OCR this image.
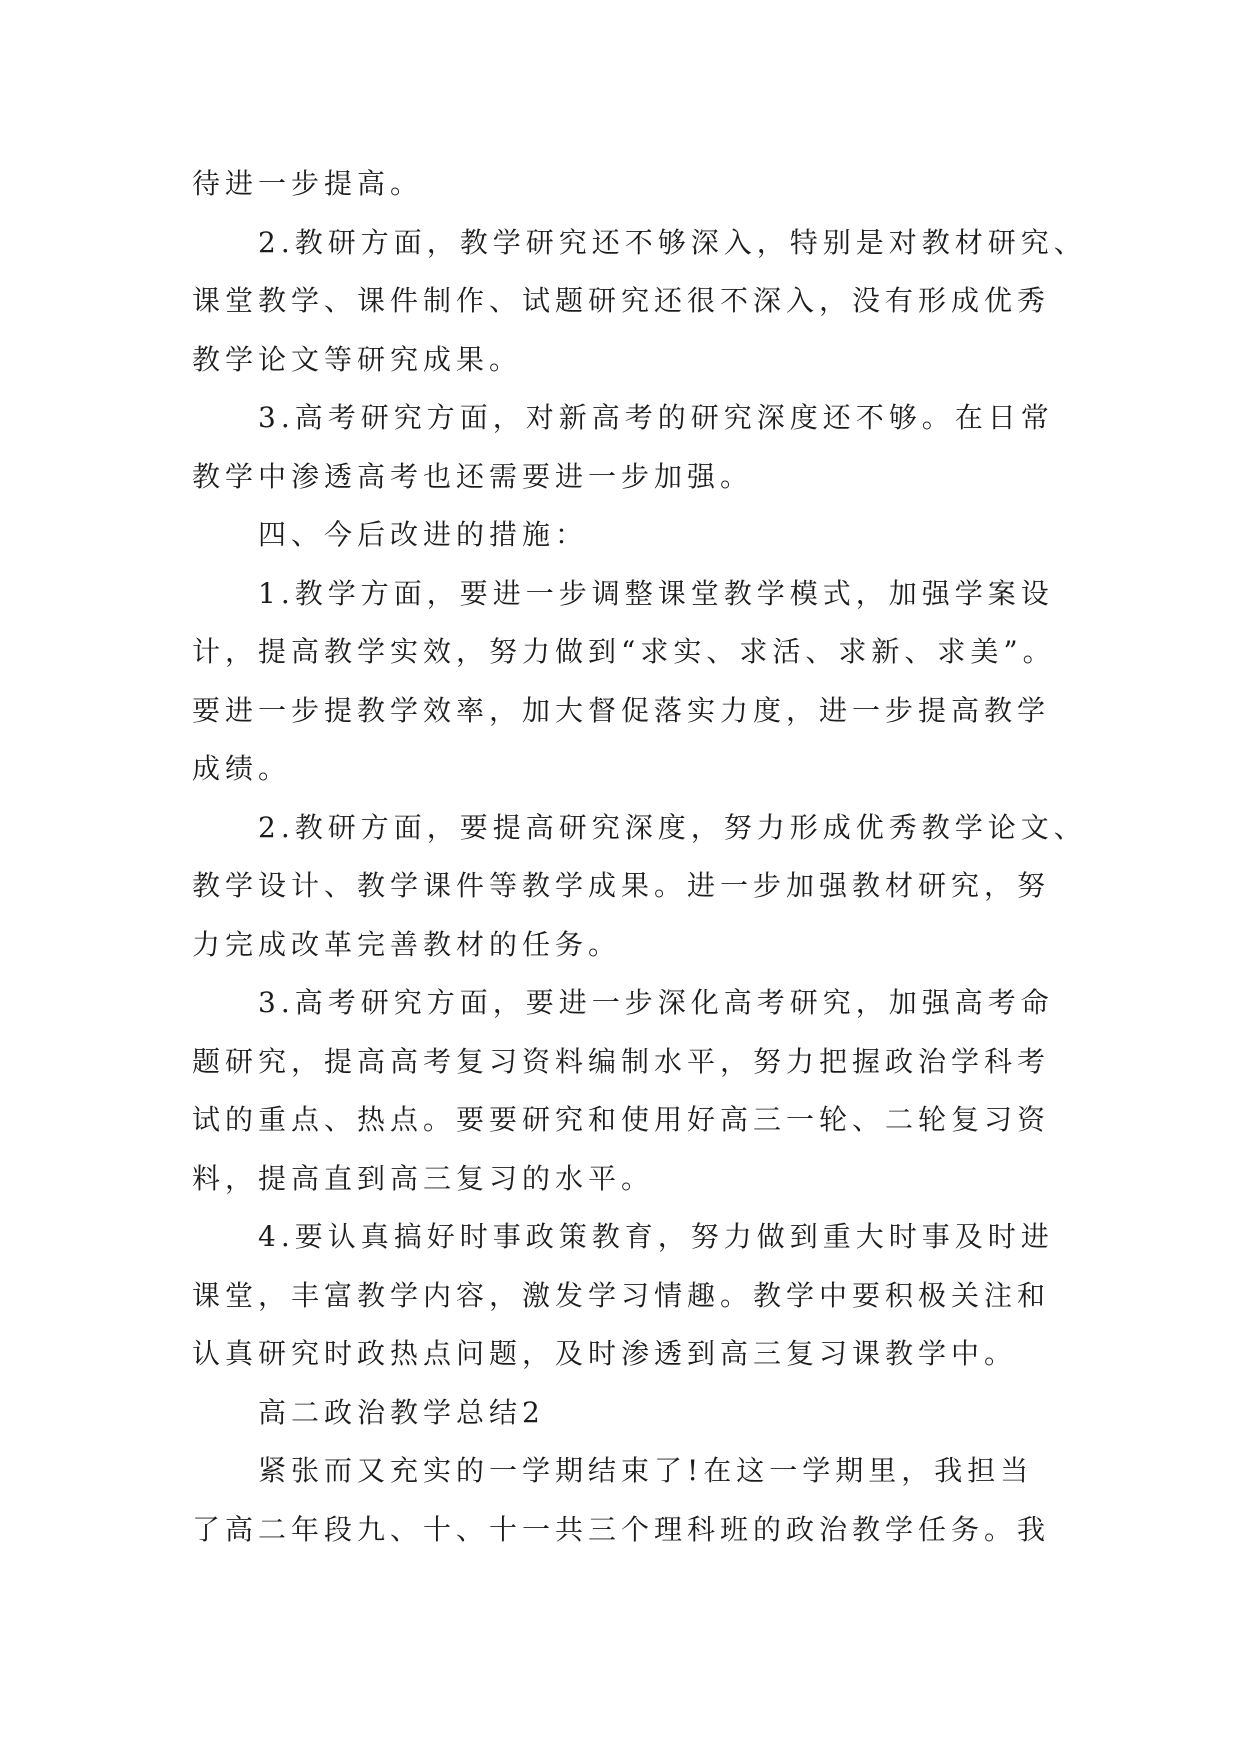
待进一步提高。
2.教研方面，教学研究还不够深入，特别是对教材研究、
课堂教学、课件制作、试题研究还很不深入，没有形成优秀
教学论文等研究成果。
3.高考研究方面，对新高考的研究深度还不够。在日常
教学中渗透高考也还需要进一步加强。
四、今后改进的措施：
1.教学方面，要进一步调整课堂教学模式，加强学案设
计，提高教学实效，努力做到“求实、求活、求新、求美”。
要进一步提教学效率，加大督促落实力度，进一步提高教学
成绩。
2.教研方面，要提高研究深度，努力形成优秀教学论文、
教学设计、教学课件等教学成果。进一步加强教材研究，努
力完成改革完善教材的任务。
3.高考研究方面，要进一步深化高考研究，加强高考命
题研究，提高高考复习资料编制水平，努力把握政治学科考
试的重点、热点。要要研究和使用好高三一轮、二轮复习资
料，提高直到高三复习的水平。
4.要认真搞好时事政策教育，努力做到重大时事及时进
课堂，丰富教学内容，激发学习情趣。教学中要积极关注和
认真研究时政热点问题，及时渗透到高三复习课教学中。
高二政治教学总结2
紧张而又充实的一学期结束了!在这一学期里，我担当
了高二年段九、十、十一共三个理科班的政治教学任务。我
